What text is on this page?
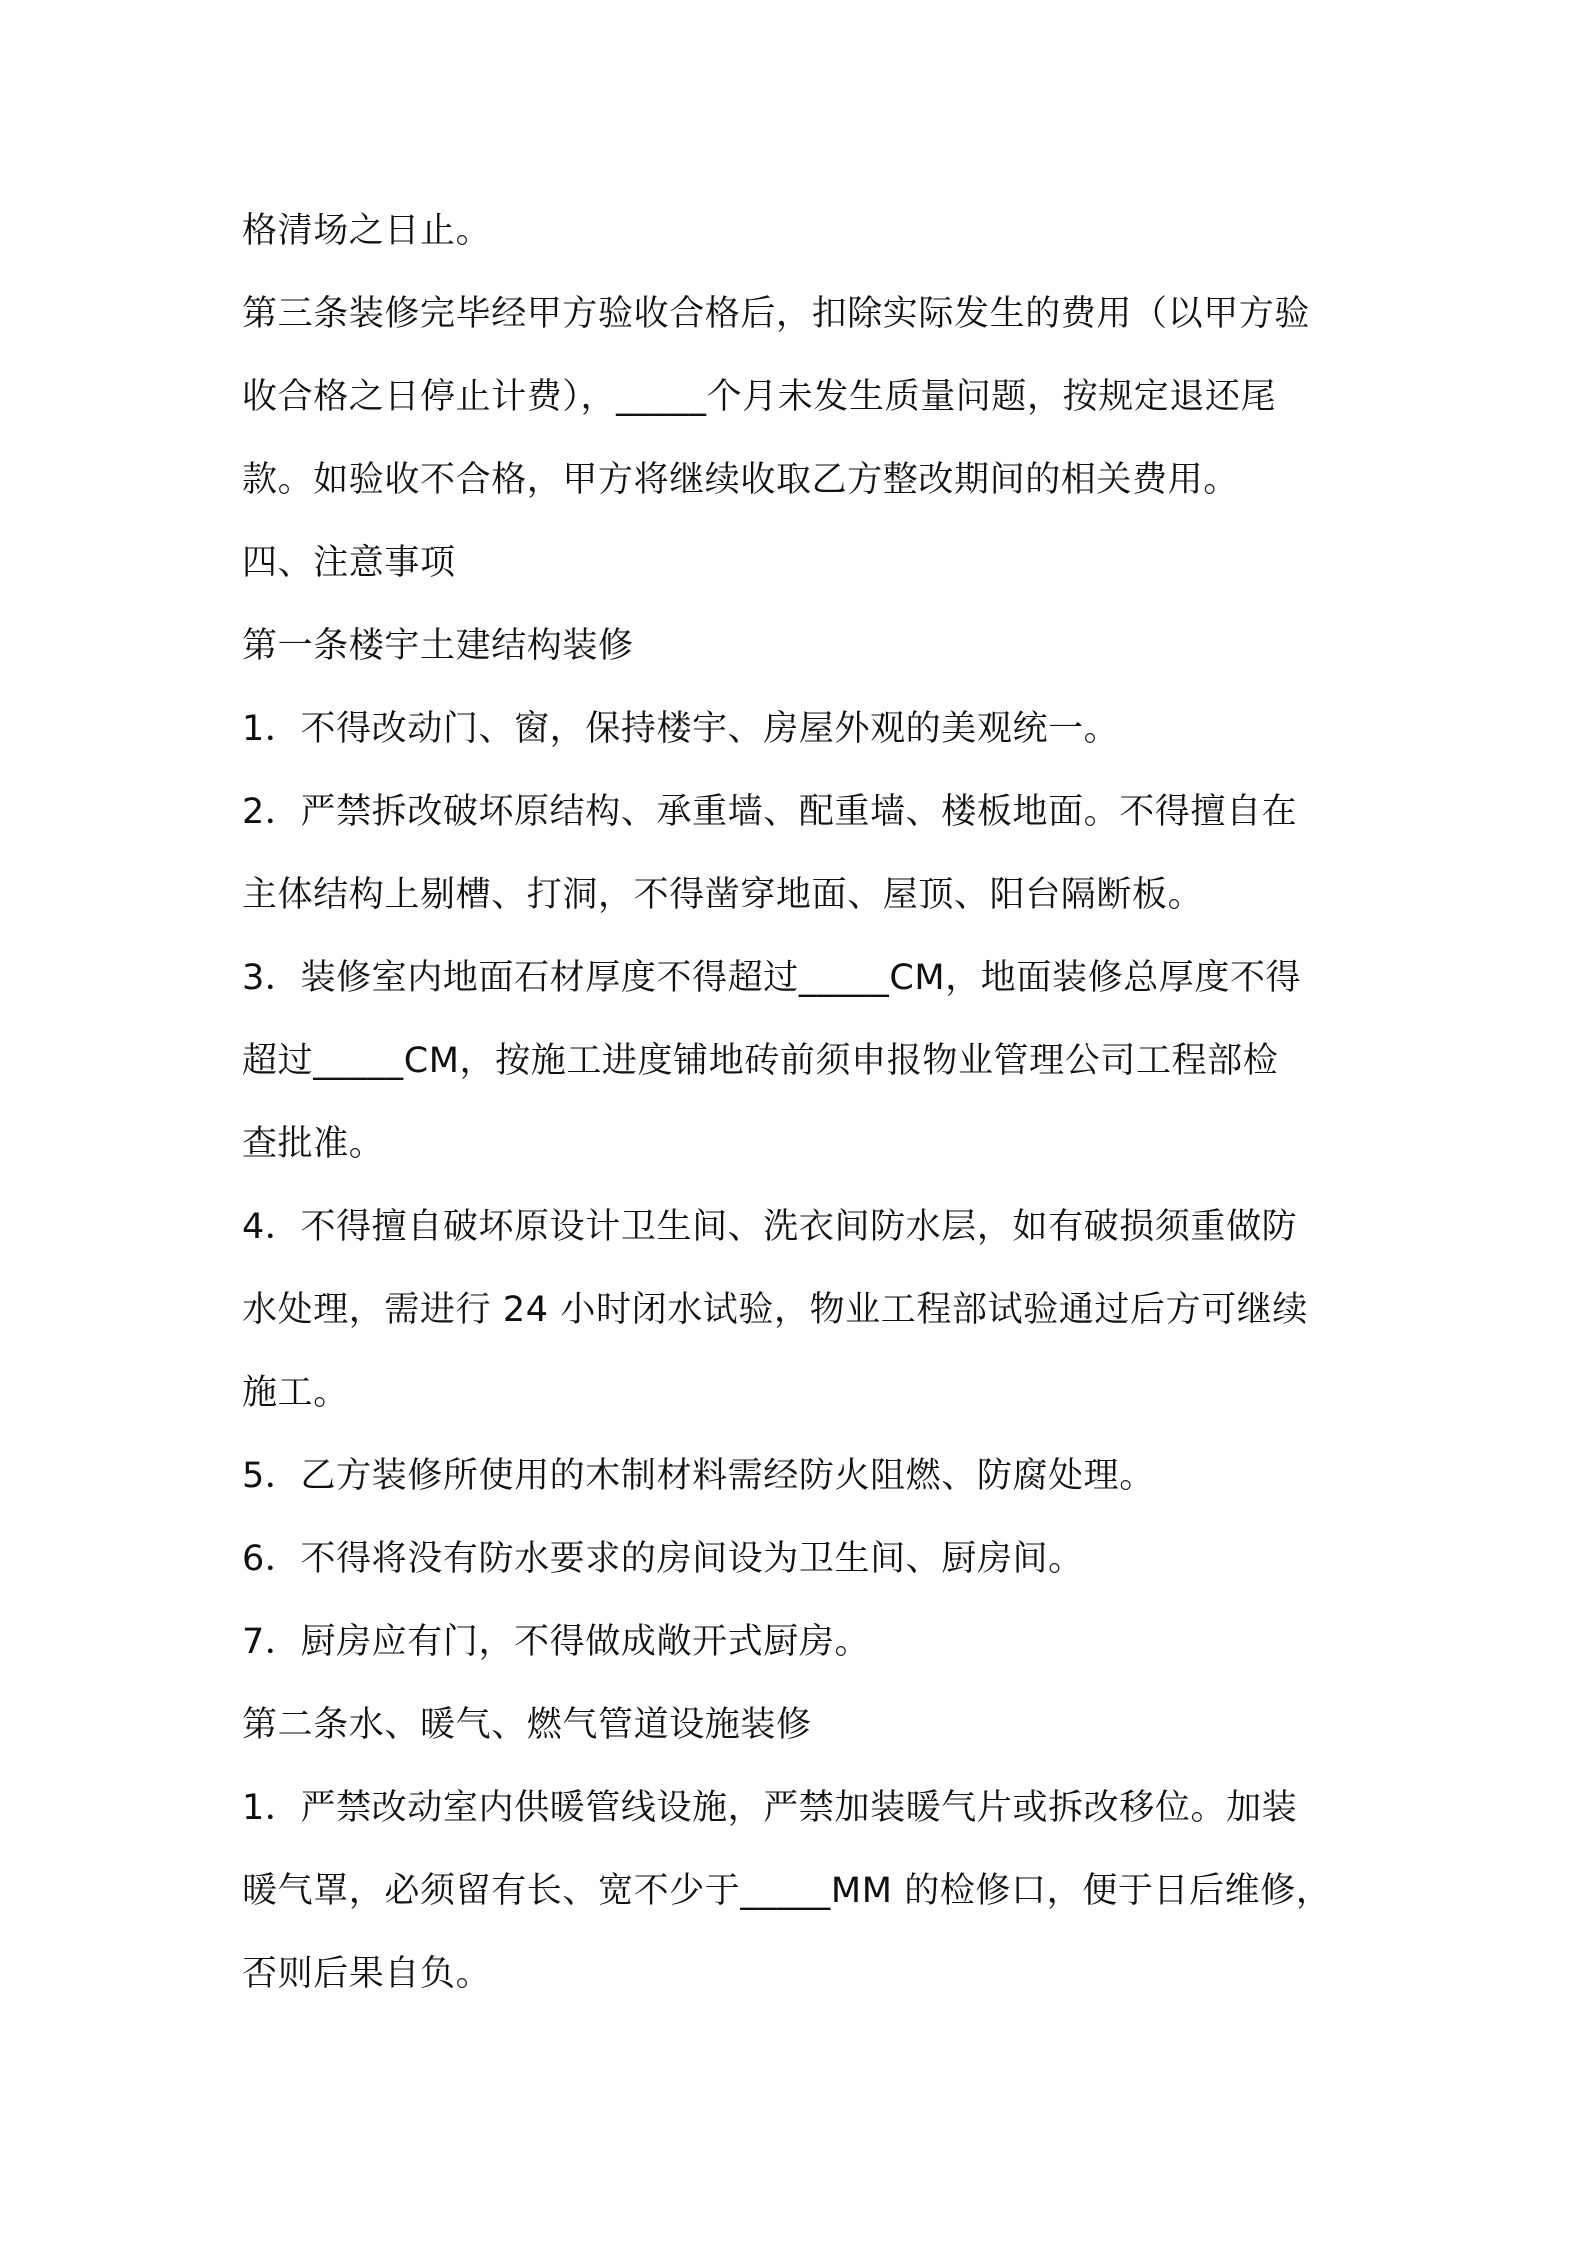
格清场之日止。
第三条装修完毕经甲方验收合格后，扣除实际发生的费用（以甲方验
收合格之日停止计费），_____个月未发生质量问题，按规定退还尾
款。如验收不合格，甲方将继续收取乙方整改期间的相关费用。
四、注意事项
第一条楼宇土建结构装修
1．不得改动门、窗，保持楼宇、房屋外观的美观统一。
2．严禁拆改破坏原结构、承重墙、配重墙、楼板地面。不得擅自在
主体结构上剔槽、打洞，不得凿穿地面、屋顶、阳台隔断板。
3．装修室内地面石材厚度不得超过_____CM，地面装修总厚度不得
超过_____CM，按施工进度铺地砖前须申报物业管理公司工程部检
查批准。
4．不得擅自破坏原设计卫生间、洗衣间防水层，如有破损须重做防
水处理，需进行 24 小时闭水试验，物业工程部试验通过后方可继续
施工。
5．乙方装修所使用的木制材料需经防火阻燃、防腐处理。
6．不得将没有防水要求的房间设为卫生间、厨房间。
7．厨房应有门，不得做成敞开式厨房。
第二条水、暖气、燃气管道设施装修
1．严禁改动室内供暖管线设施，严禁加装暖气片或拆改移位。加装
暖气罩，必须留有长、宽不少于_____MM 的检修口，便于日后维修，
否则后果自负。
